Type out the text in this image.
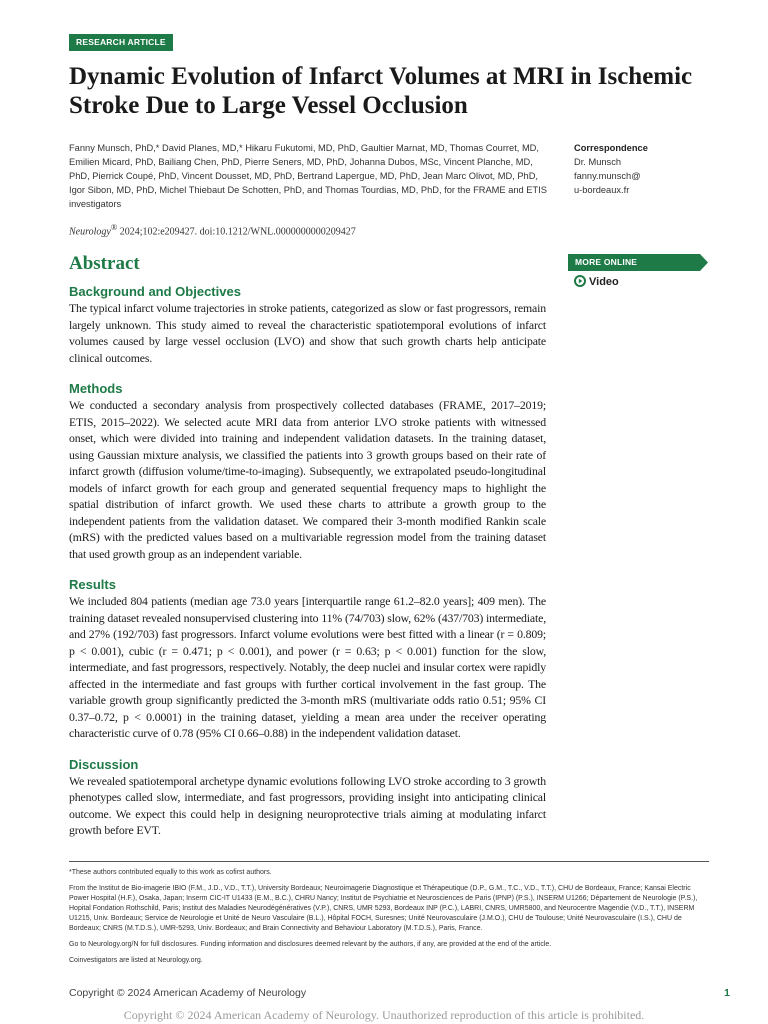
RESEARCH ARTICLE
Dynamic Evolution of Infarct Volumes at MRI in Ischemic Stroke Due to Large Vessel Occlusion

Fanny Munsch, PhD,* David Planes, MD,* Hikaru Fukutomi, MD, PhD, Gaultier Marnat, MD, Thomas Courret, MD, Emilien Micard, PhD, Bailiang Chen, PhD, Pierre Seners, MD, PhD, Johanna Dubos, MSc, Vincent Planche, MD, PhD, Pierrick Coupé, PhD, Vincent Dousset, MD, PhD, Bertrand Lapergue, MD, PhD, Jean Marc Olivot, MD, PhD, Igor Sibon, MD, PhD, Michel Thiebaut De Schotten, PhD, and Thomas Tourdias, MD, PhD, for the FRAME and ETIS investigators

Neurology® 2024;102:e209427. doi:10.1212/WNL.0000000000209427

Correspondence
Dr. Munsch
fanny.munsch@
u-bordeaux.fr
MORE ONLINE
Video
Abstract
Background and Objectives

The typical infarct volume trajectories in stroke patients, categorized as slow or fast progressors, remain largely unknown. This study aimed to reveal the characteristic spatiotemporal evolutions of infarct volumes caused by large vessel occlusion (LVO) and show that such growth charts help anticipate clinical outcomes.

Methods

We conducted a secondary analysis from prospectively collected databases (FRAME, 2017–2019; ETIS, 2015–2022). We selected acute MRI data from anterior LVO stroke patients with witnessed onset, which were divided into training and independent validation datasets. In the training dataset, using Gaussian mixture analysis, we classified the patients into 3 growth groups based on their rate of infarct growth (diffusion volume/time-to-imaging). Subsequently, we extrapolated pseudo-longitudinal models of infarct growth for each group and generated sequential frequency maps to highlight the spatial distribution of infarct growth. We used these charts to attribute a growth group to the independent patients from the validation dataset. We compared their 3-month modified Rankin scale (mRS) with the predicted values based on a multivariable regression model from the training dataset that used growth group as an independent variable.

Results

We included 804 patients (median age 73.0 years [interquartile range 61.2–82.0 years]; 409 men). The training dataset revealed nonsupervised clustering into 11% (74/703) slow, 62% (437/703) intermediate, and 27% (192/703) fast progressors. Infarct volume evolutions were best fitted with a linear (r = 0.809; p < 0.001), cubic (r = 0.471; p < 0.001), and power (r = 0.63; p < 0.001) function for the slow, intermediate, and fast progressors, respectively. Notably, the deep nuclei and insular cortex were rapidly affected in the intermediate and fast groups with further cortical involvement in the fast group. The variable growth group significantly predicted the 3-month mRS (multivariate odds ratio 0.51; 95% CI 0.37–0.72, p < 0.0001) in the training dataset, yielding a mean area under the receiver operating characteristic curve of 0.78 (95% CI 0.66–0.88) in the independent validation dataset.

Discussion

We revealed spatiotemporal archetype dynamic evolutions following LVO stroke according to 3 growth phenotypes called slow, intermediate, and fast progressors, providing insight into anticipating clinical outcome. We expect this could help in designing neuroprotective trials aiming at modulating infarct growth before EVT.

*These authors contributed equally to this work as cofirst authors.

From the Institut de Bio-imagerie IBIO (F.M., J.D., V.D., T.T.), University Bordeaux; Neuroimagerie Diagnostique et Thérapeutique (D.P., G.M., T.C., V.D., T.T.), CHU de Bordeaux, France; Kansai Electric Power Hospital (H.F.), Osaka, Japan; Inserm CIC-IT U1433 (E.M., B.C.), CHRU Nancy; Institut de Psychiatrie et Neurosciences de Paris (IPNP) (P.S.), INSERM U1266; Département de Neurologie (P.S.), Hopital Fondation Rothschild, Paris; Institut des Maladies Neurodégénératives (V.P.), CNRS, UMR 5293, Bordeaux INP (P.C.), LABRI, CNRS, UMR5800, and Neurocentre Magendie (V.D., T.T.), INSERM U1215, Univ. Bordeaux; Service de Neurologie et Unité de Neuro Vasculaire (B.L.), Hôpital FOCH, Suresnes; Unité Neurovasculaire (J.M.O.), CHU de Toulouse; Unité Neurovasculaire (I.S.), CHU de Bordeaux; CNRS (M.T.D.S.), UMR-5293, Univ. Bordeaux; and Brain Connectivity and Behaviour Laboratory (M.T.D.S.), Paris, France.

Go to Neurology.org/N for full disclosures. Funding information and disclosures deemed relevant by the authors, if any, are provided at the end of the article.

Coinvestigators are listed at Neurology.org.

Copyright © 2024 American Academy of Neurology	1
Copyright © 2024 American Academy of Neurology. Unauthorized reproduction of this article is prohibited.
